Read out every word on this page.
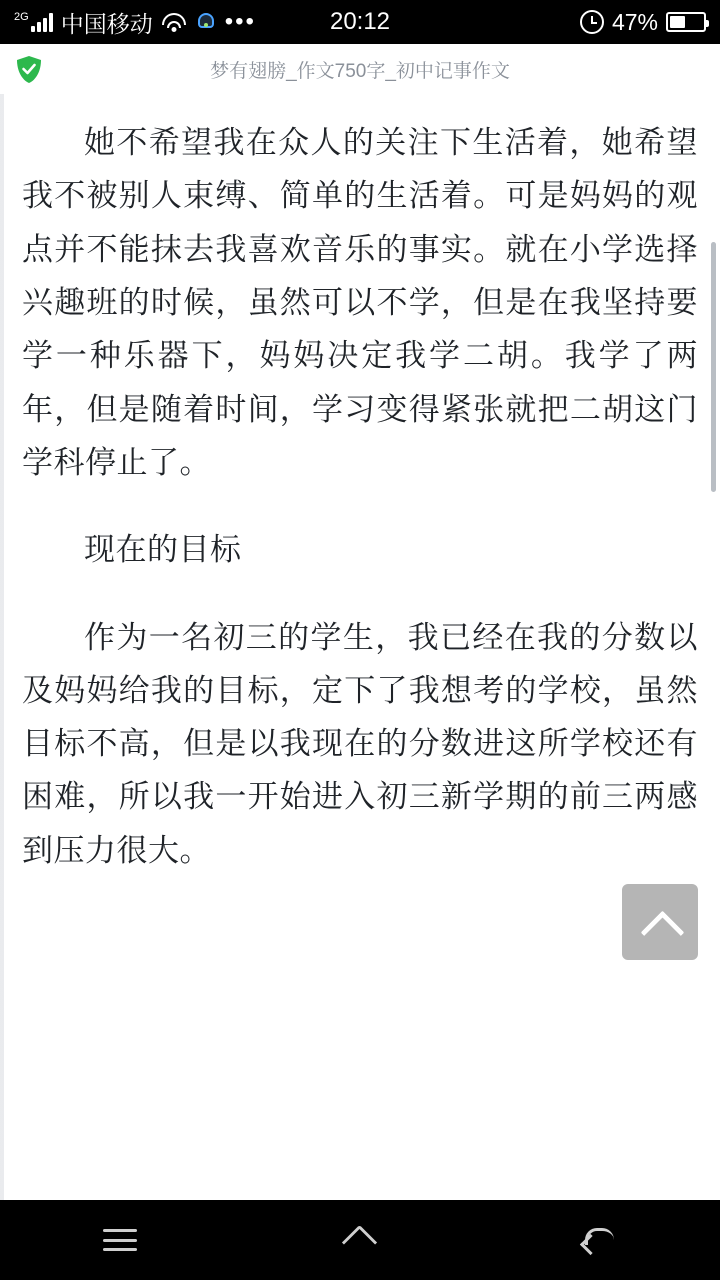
2G 中国移动	•••	20:12	47%
梦有翅膀_作文750字_初中记事作文

她不希望我在众人的关注下生活着，她希望我不被别人束缚、简单的生活着。可是妈妈的观点并不能抹去我喜欢音乐的事实。就在小学选择兴趣班的时候，虽然可以不学，但是在我坚持要学一种乐器下，妈妈决定我学二胡。我学了两年，但是随着时间，学习变得紧张就把二胡这门学科停止了。

现在的目标

作为一名初三的学生，我已经在我的分数以及妈妈给我的目标，定下了我想考的学校，虽然目标不高，但是以我现在的分数进这所学校还有困难，所以我一开始进入初三新学期的前三两感到压力很大。
